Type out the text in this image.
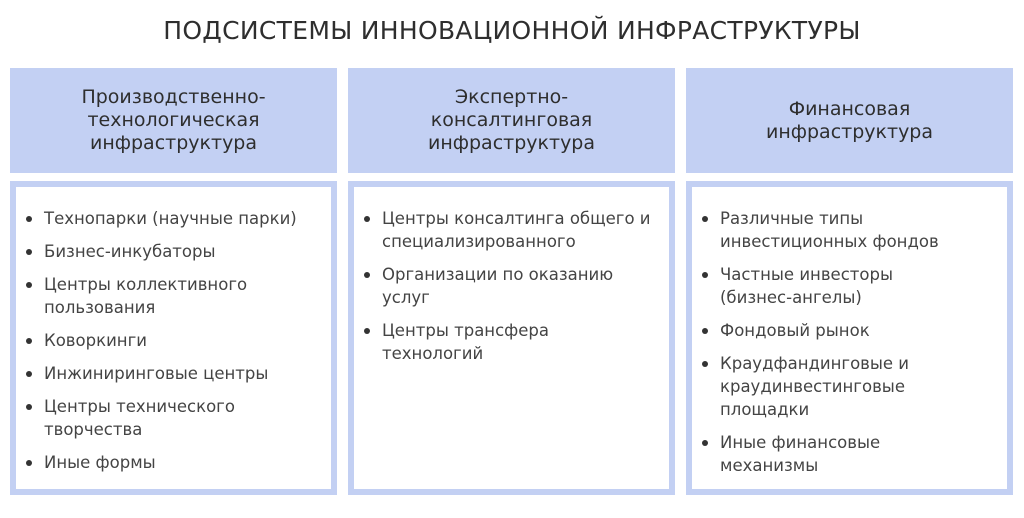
ПОДСИСТЕМЫ ИННОВАЦИОННОЙ ИНФРАСТРУКТУРЫ
Производственно-технологическая инфраструктура
Экспертно-консалтинговая инфраструктура
Финансовая инфраструктура
Технопарки (научные парки)
Бизнес-инкубаторы
Центры коллективного пользования
Коворкинги
Инжиниринговые центры
Центры технического творчества
Иные формы
Центры консалтинга общего и специализированного
Организации по оказанию услуг
Центры трансфера технологий
Различные типы инвестиционных фондов
Частные инвесторы (бизнес-ангелы)
Фондовый рынок
Краудфандинговые и краудинвестинговые площадки
Иные финансовые механизмы
